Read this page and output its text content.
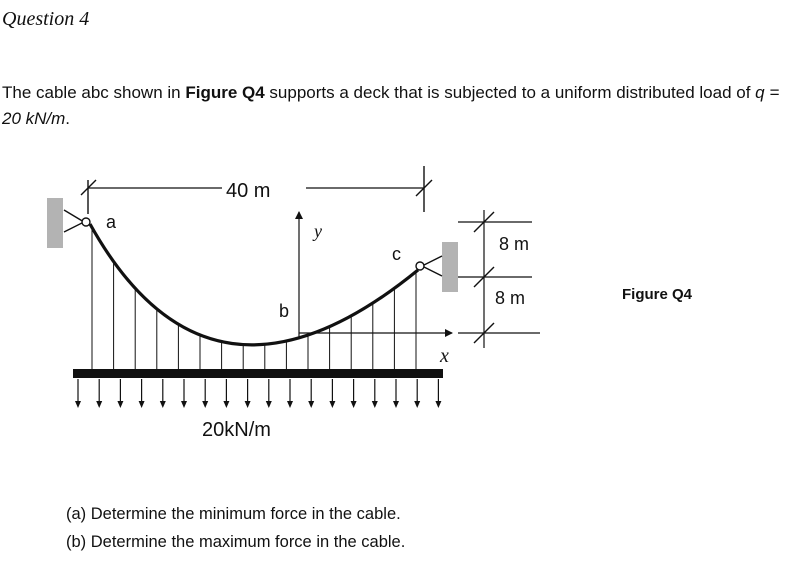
Question 4
The cable abc shown in Figure Q4 supports a deck that is subjected to a uniform distributed load of q = 20 kN/m.
40 m
a
b
c
y
x
8 m
8 m
20kN/m
Figure Q4
(a) Determine the minimum force in the cable.
(b) Determine the maximum force in the cable.
